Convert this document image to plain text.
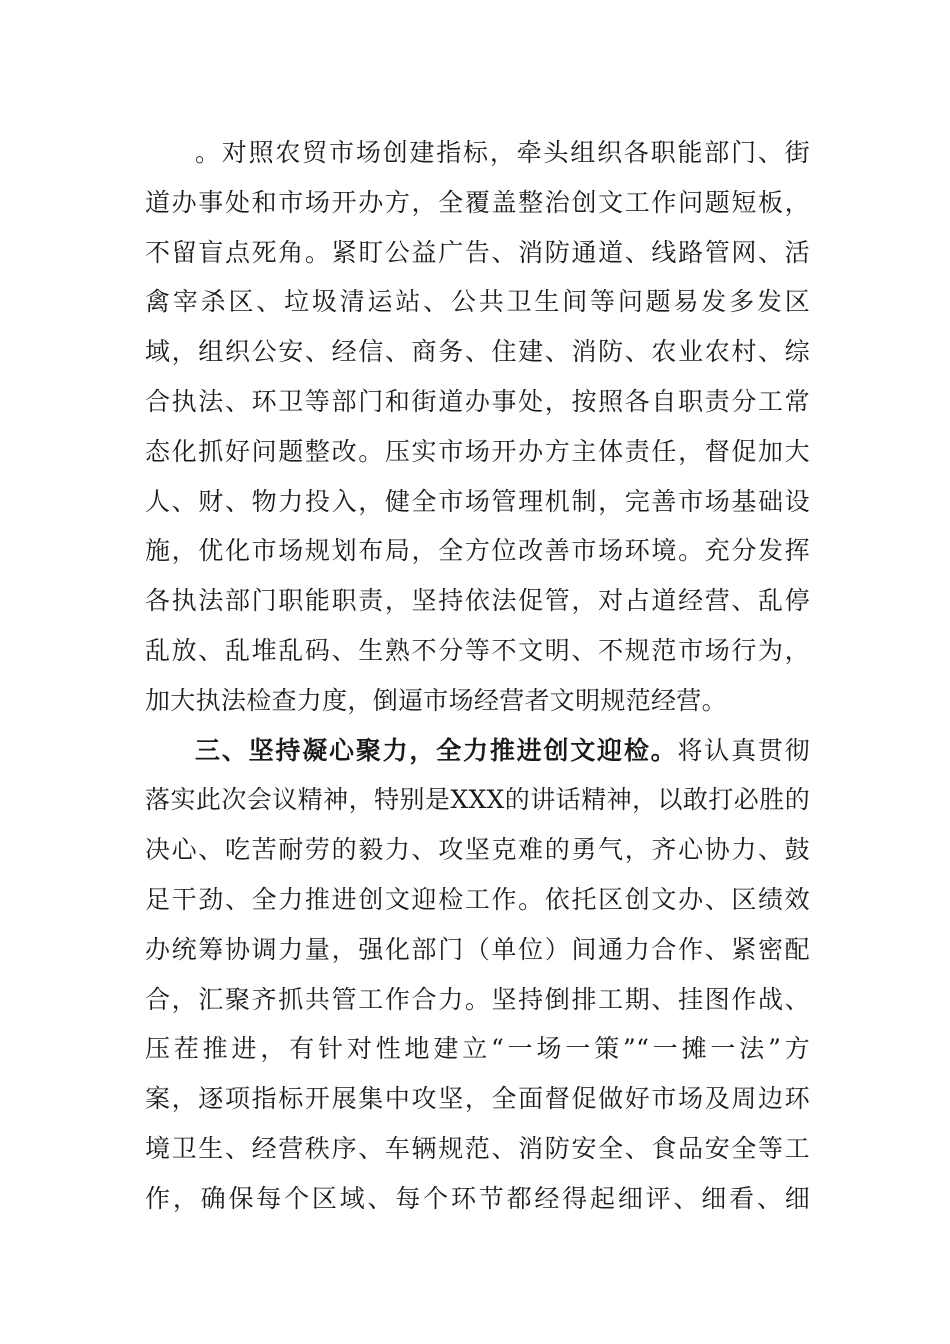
。对照农贸市场创建指标，牵头组织各职能部门、街
道办事处和市场开办方，全覆盖整治创文工作问题短板，
不留盲点死角。紧盯公益广告、消防通道、线路管网、活
禽宰杀区、垃圾清运站、公共卫生间等问题易发多发区
域，组织公安、经信、商务、住建、消防、农业农村、综
合执法、环卫等部门和街道办事处，按照各自职责分工常
态化抓好问题整改。压实市场开办方主体责任，督促加大
人、财、物力投入，健全市场管理机制，完善市场基础设
施，优化市场规划布局，全方位改善市场环境。充分发挥
各执法部门职能职责，坚持依法促管，对占道经营、乱停
乱放、乱堆乱码、生熟不分等不文明、不规范市场行为，
加大执法检查力度，倒逼市场经营者文明规范经营。
三、坚持凝心聚力，全力推进创文迎检。将认真贯彻
落实此次会议精神，特别是XXX的讲话精神，以敢打必胜的
决心、吃苦耐劳的毅力、攻坚克难的勇气，齐心协力、鼓
足干劲、全力推进创文迎检工作。依托区创文办、区绩效
办统筹协调力量，强化部门（单位）间通力合作、紧密配
合，汇聚齐抓共管工作合力。坚持倒排工期、挂图作战、
压茬推进，有针对性地建立“一场一策”“一摊一法”方
案，逐项指标开展集中攻坚，全面督促做好市场及周边环
境卫生、经营秩序、车辆规范、消防安全、食品安全等工
作，确保每个区域、每个环节都经得起细评、细看、细
